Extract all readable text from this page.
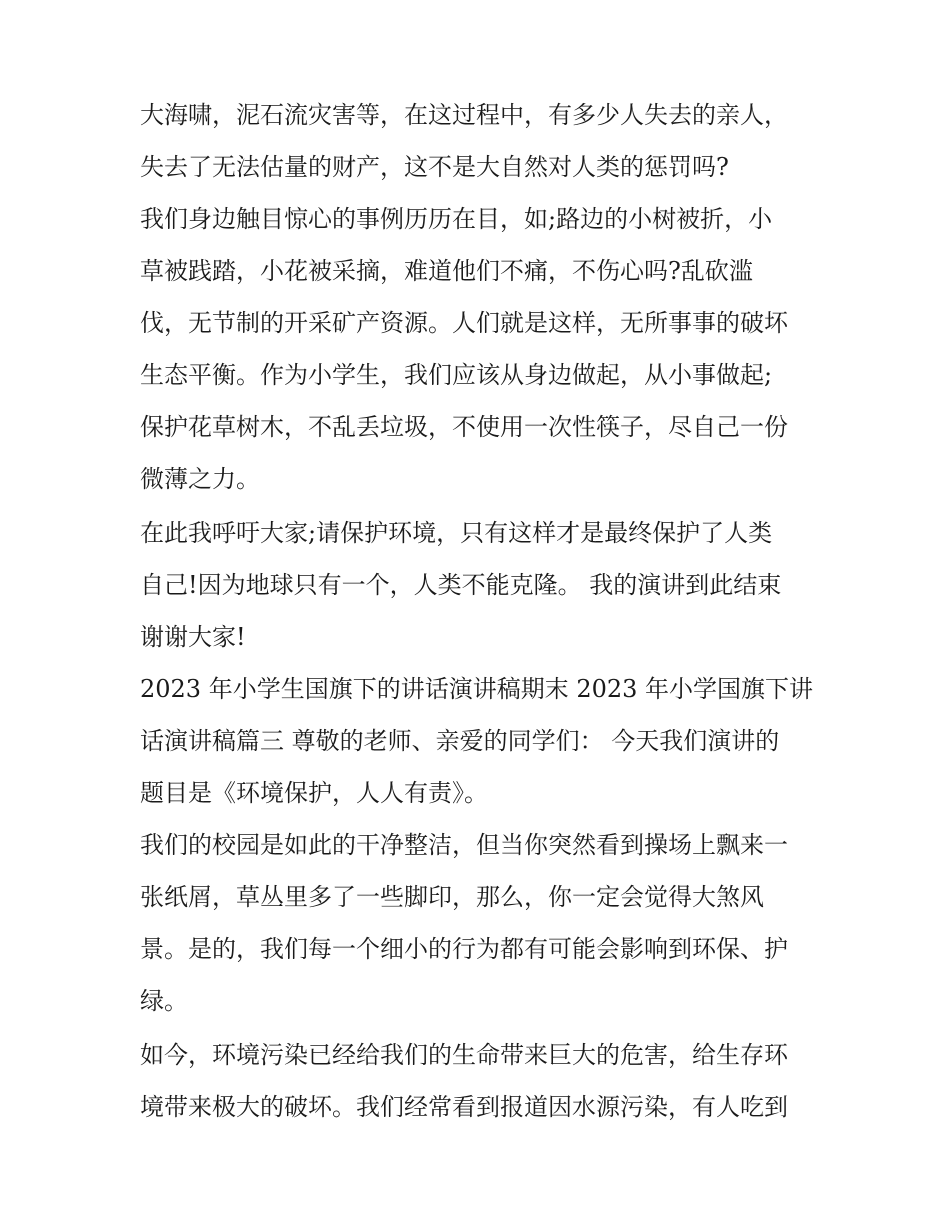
大海啸，泥石流灾害等，在这过程中，有多少人失去的亲人，
失去了无法估量的财产，这不是大自然对人类的惩罚吗?
我们身边触目惊心的事例历历在目，如;路边的小树被折，小
草被践踏，小花被采摘，难道他们不痛，不伤心吗?乱砍滥
伐，无节制的开采矿产资源。人们就是这样，无所事事的破坏
生态平衡。作为小学生，我们应该从身边做起，从小事做起;
保护花草树木，不乱丢垃圾，不使用一次性筷子，尽自己一份
微薄之力。
在此我呼吁大家;请保护环境，只有这样才是最终保护了人类
自己!因为地球只有一个，人类不能克隆。 我的演讲到此结束
谢谢大家!
2023 年小学生国旗下的讲话演讲稿期末 2023 年小学国旗下讲
话演讲稿篇三 尊敬的老师、亲爱的同学们： 今天我们演讲的
题目是《环境保护，人人有责》。
我们的校园是如此的干净整洁，但当你突然看到操场上飘来一
张纸屑，草丛里多了一些脚印，那么，你一定会觉得大煞风
景。是的，我们每一个细小的行为都有可能会影响到环保、护
绿。
如今，环境污染已经给我们的生命带来巨大的危害，给生存环
境带来极大的破坏。我们经常看到报道因水源污染，有人吃到
